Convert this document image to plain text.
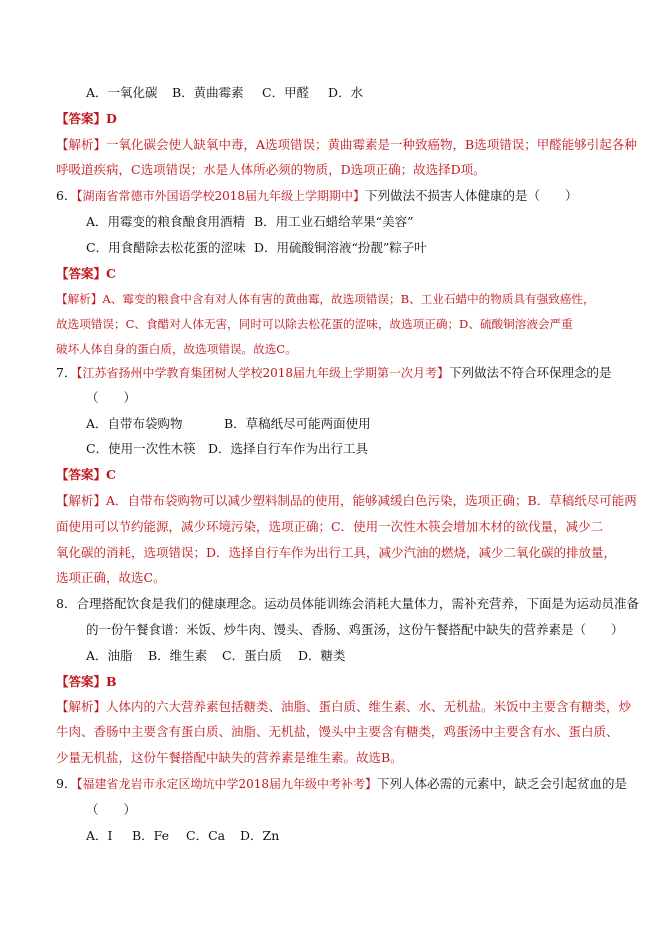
A．一氧化碳 B．黄曲霉素 C．甲醛 D．水
【答案】D
【解析】一氧化碳会使人缺氧中毒，A选项错误；黄曲霉素是一种致癌物，B选项错误；甲醛能够引起各种
呼吸道疾病，C选项错误；水是人体所必须的物质，D选项正确；故选择D项。
6．【湖南省常德市外国语学校2018届九年级上学期期中】下列做法不损害人体健康的是（　　）
A．用霉变的粮食酿食用酒精 B．用工业石蜡给苹果“美容”
C．用食醋除去松花蛋的涩味 D．用硫酸铜溶液“扮靓”粽子叶
【答案】C
【解析】A、霉变的粮食中含有对人体有害的黄曲霉，故选项错误；B、工业石蜡中的物质具有强致癌性，
故选项错误；C、食醋对人体无害，同时可以除去松花蛋的涩味，故选项正确；D、硫酸铜溶液会严重
破坏人体自身的蛋白质，故选项错误。故选C。
7．【江苏省扬州中学教育集团树人学校2018届九年级上学期第一次月考】下列做法不符合环保理念的是
（　　）
A．自带布袋购物	B．草稿纸尽可能两面使用
C．使用一次性木筷 D．选择自行车作为出行工具
【答案】C
【解析】A．自带布袋购物可以减少塑料制品的使用，能够减缓白色污染，选项正确；B．草稿纸尽可能两
面使用可以节约能源，减少环境污染，选项正确；C．使用一次性木筷会增加木材的欲伐量，减少二
氧化碳的消耗，选项错误；D．选择自行车作为出行工具，减少汽油的燃烧，减少二氧化碳的排放量，
选项正确，故选C。
8．合理搭配饮食是我们的健康理念。运动员体能训练会消耗大量体力，需补充营养，下面是为运动员准备
的一份午餐食谱：米饭、炒牛肉、馒头、香肠、鸡蛋汤，这份午餐搭配中缺失的营养素是（　　）
A．油脂 B．维生素 C．蛋白质 D．糖类
【答案】B
【解析】人体内的六大营养素包括糖类、油脂、蛋白质、维生素、水、无机盐。米饭中主要含有糖类，炒
牛肉、香肠中主要含有蛋白质、油脂、无机盐，馒头中主要含有糖类，鸡蛋汤中主要含有水、蛋白质、
少量无机盐，这份午餐搭配中缺失的营养素是维生素。故选B。
9．【福建省龙岩市永定区坳坑中学2018届九年级中考补考】下列人体必需的元素中，缺乏会引起贫血的是
（　　）
A．I B．Fe C．Ca D．Zn
